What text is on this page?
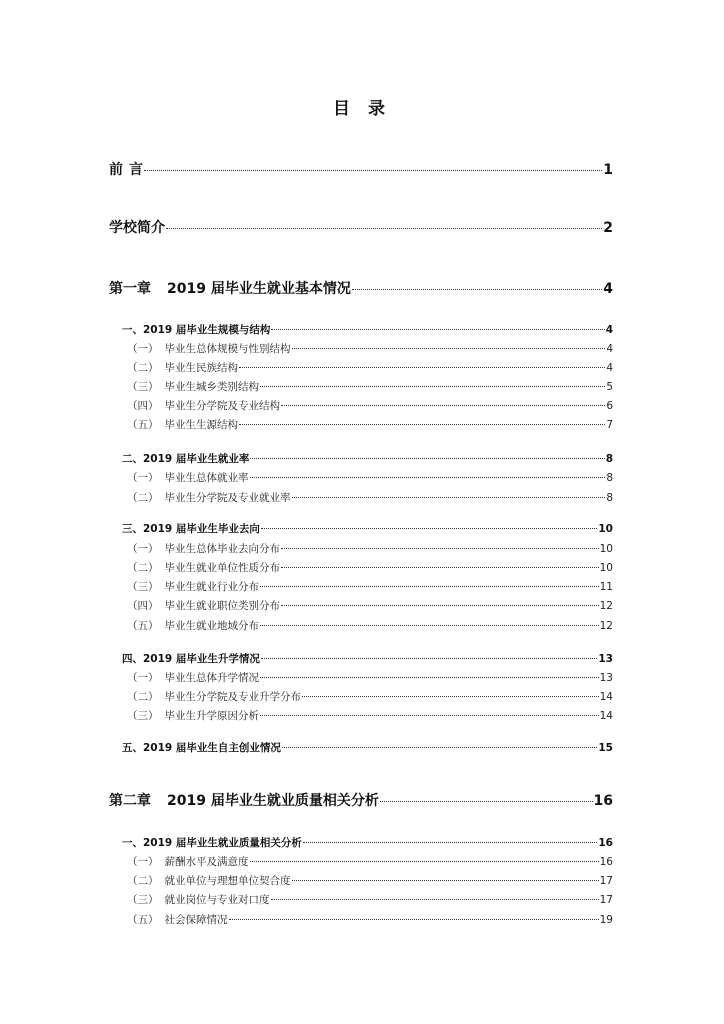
目 录
前 言	1
学校简介	2
第一章 2019 届毕业生就业基本情况	4
一、2019 届毕业生规模与结构	4
（一） 毕业生总体规模与性别结构	4
（二） 毕业生民族结构	4
（三） 毕业生城乡类别结构	5
（四） 毕业生分学院及专业结构	6
（五） 毕业生生源结构	7
二、2019 届毕业生就业率	8
（一） 毕业生总体就业率	8
（二） 毕业生分学院及专业就业率	8
三、2019 届毕业生毕业去向	10
（一） 毕业生总体毕业去向分布	10
（二） 毕业生就业单位性质分布	10
（三） 毕业生就业行业分布	11
（四） 毕业生就业职位类别分布	12
（五） 毕业生就业地域分布	12
四、2019 届毕业生升学情况	13
（一） 毕业生总体升学情况	13
（二） 毕业生分学院及专业升学分布	14
（三） 毕业生升学原因分析	14
五、2019 届毕业生自主创业情况	15
第二章 2019 届毕业生就业质量相关分析	16
一、2019 届毕业生就业质量相关分析	16
（一） 薪酬水平及满意度	16
（二） 就业单位与理想单位契合度	17
（三） 就业岗位与专业对口度	17
（五） 社会保障情况	19
